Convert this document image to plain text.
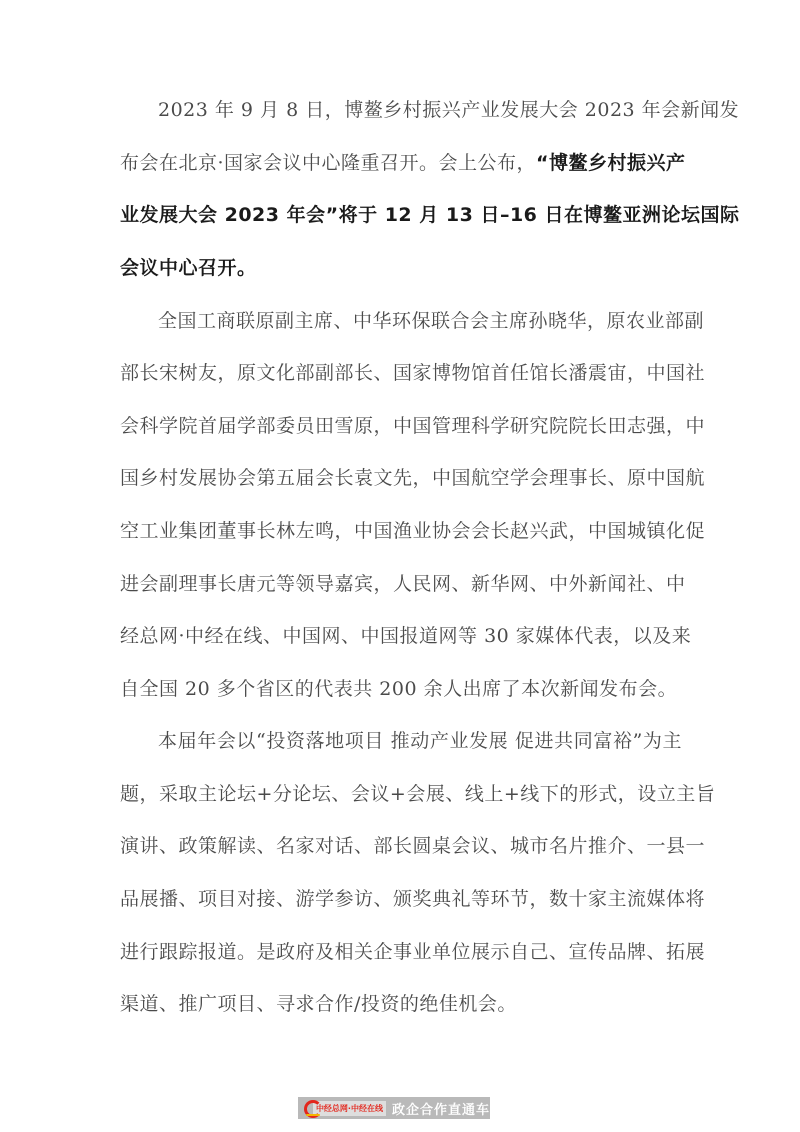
2023 年 9 月 8 日，博鳌乡村振兴产业发展大会 2023 年会新闻发
布会在北京·国家会议中心隆重召开。会上公布，“博鳌乡村振兴产
业发展大会 2023 年会”将于 12 月 13 日–16 日在博鳌亚洲论坛国际
会议中心召开。
全国工商联原副主席、中华环保联合会主席孙晓华，原农业部副
部长宋树友，原文化部副部长、国家博物馆首任馆长潘震宙，中国社
会科学院首届学部委员田雪原，中国管理科学研究院院长田志强，中
国乡村发展协会第五届会长袁文先，中国航空学会理事长、原中国航
空工业集团董事长林左鸣，中国渔业协会会长赵兴武，中国城镇化促
进会副理事长唐元等领导嘉宾，人民网、新华网、中外新闻社、中
经总网·中经在线、中国网、中国报道网等 30 家媒体代表，以及来
自全国 20 多个省区的代表共 200 余人出席了本次新闻发布会。
本届年会以“投资落地项目 推动产业发展 促进共同富裕”为主
题，采取主论坛+分论坛、会议+会展、线上+线下的形式，设立主旨
演讲、政策解读、名家对话、部长圆桌会议、城市名片推介、一县一
品展播、项目对接、游学参访、颁奖典礼等环节，数十家主流媒体将
进行跟踪报道。是政府及相关企事业单位展示自己、宣传品牌、拓展
渠道、推广项目、寻求合作/投资的绝佳机会。
中经总网·中经在线 政企合作直通车
